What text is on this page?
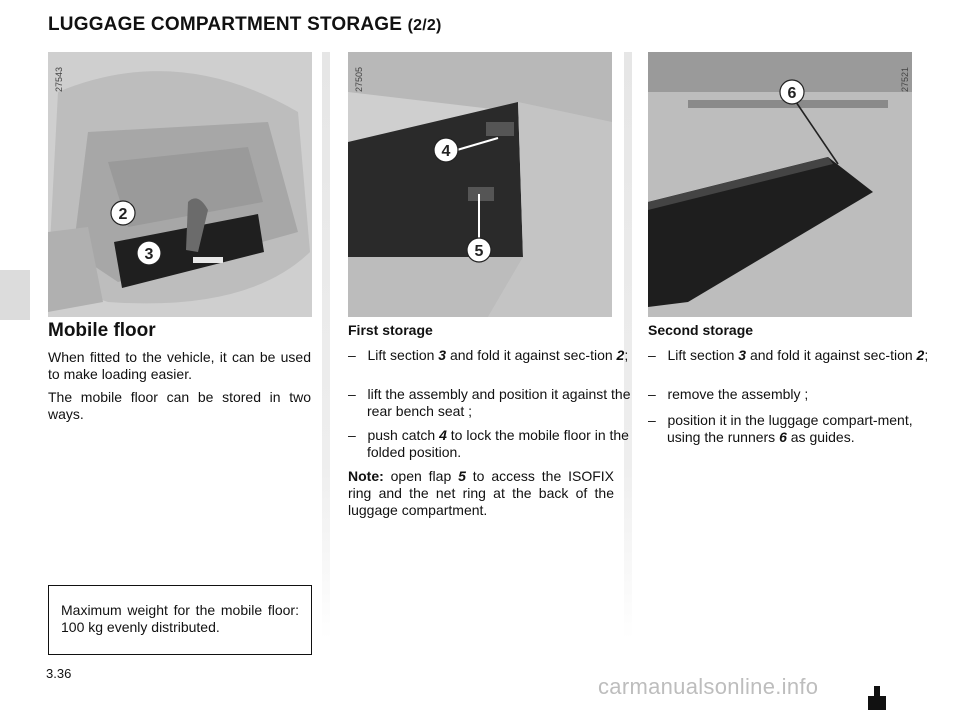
LUGGAGE COMPARTMENT STORAGE (2/2)
27543
2
3
27505
4
5
27521
6
Mobile floor
When fitted to the vehicle, it can be used to make loading easier.
The mobile floor can be stored in two ways.
Maximum weight for the mobile floor: 100 kg evenly distributed.
First storage
– Lift section 3 and fold it against sec-tion 2;
– lift the assembly and position it against the rear bench seat ;
– push catch 4 to lock the mobile floor in the folded position.
Note: open flap 5 to access the ISOFIX ring and the net ring at the back of the luggage compartment.
Second storage
– Lift section 3 and fold it against sec-tion 2;
– remove the assembly ;
– position it in the luggage compart-ment, using the runners 6 as guides.
3.36
carmanualsonline.info
